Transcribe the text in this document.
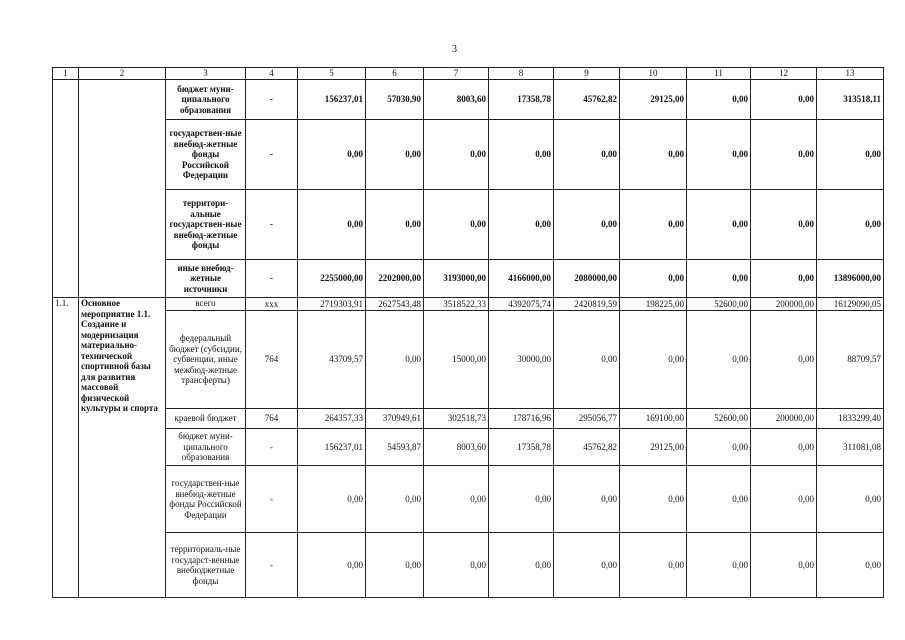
3
1	2	3	4	5	6	7	8	9	10	11	12	13
		бюджет муни-ципального образования	-	156237,01	57030,90	8003,60	17358,78	45762,82	29125,00	0,00	0,00	313518,11
		государствен-ные внебюд-жетные фонды Российской Федерации	-	0,00	0,00	0,00	0,00	0,00	0,00	0,00	0,00	0,00
		территори-альные государствен-ные внебюд-жетные фонды	-	0,00	0,00	0,00	0,00	0,00	0,00	0,00	0,00	0,00
		иные внебюд-жетные источники	-	2255000,00	2202000,00	3193000,00	4166000,00	2080000,00	0,00	0,00	0,00	13896000,00
1.1.	Основное мероприятие 1.1. Создание и модернизация материально-технической спортивной базы для развития массовой физической культуры и спорта	всего	ххх	2719303,91	2627543,48	3518522,33	4392075,74	2420819,59	198225,00	52600,00	200000,00	16129090,05
		федеральный бюджет (субсидии, субвенции, иные межбюд-жетные трансферты)	764	43709,57	0,00	15000,00	30000,00	0,00	0,00	0,00	0,00	88709,57
		краевой бюджет	764	264357,33	370949,61	302518,73	178716,96	295056,77	169100,00	52600,00	200000,00	1833299,40
		бюджет муни-ципального образования	-	156237,01	54593,87	8003,60	17358,78	45762,82	29125,00	0,00	0,00	311081,08
		государствен-ные внебюд-жетные фонды Российской Федерации	-	0,00	0,00	0,00	0,00	0,00	0,00	0,00	0,00	0,00
		территориаль-ные государст-венные внебюджетные фонды	-	0,00	0,00	0,00	0,00	0,00	0,00	0,00	0,00	0,00
